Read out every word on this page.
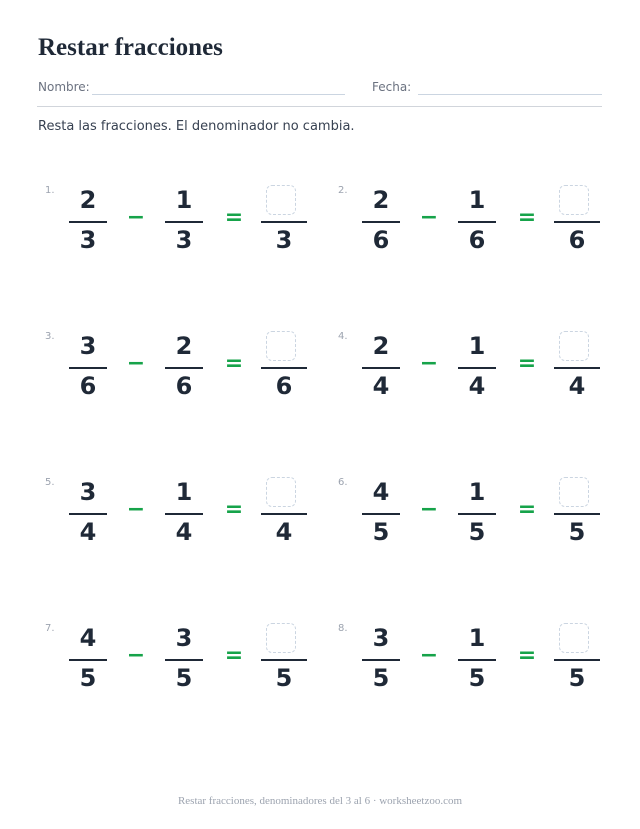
Restar fracciones
Nombre:	Fecha:
Resta las fracciones. El denominador no cambia.
1.	2
3
−
1
3
=
3
2.	2
6
−
1
6
=
6
3.	3
6
−
2
6
=
6
4.	2
4
−
1
4
=
4
5.	3
4
−
1
4
=
4
6.	4
5
−
1
5
=
5
7.	4
5
−
3
5
=
5
8.	3
5
−
1
5
=
5
Restar fracciones, denominadores del 3 al 6 · worksheetzoo.com
